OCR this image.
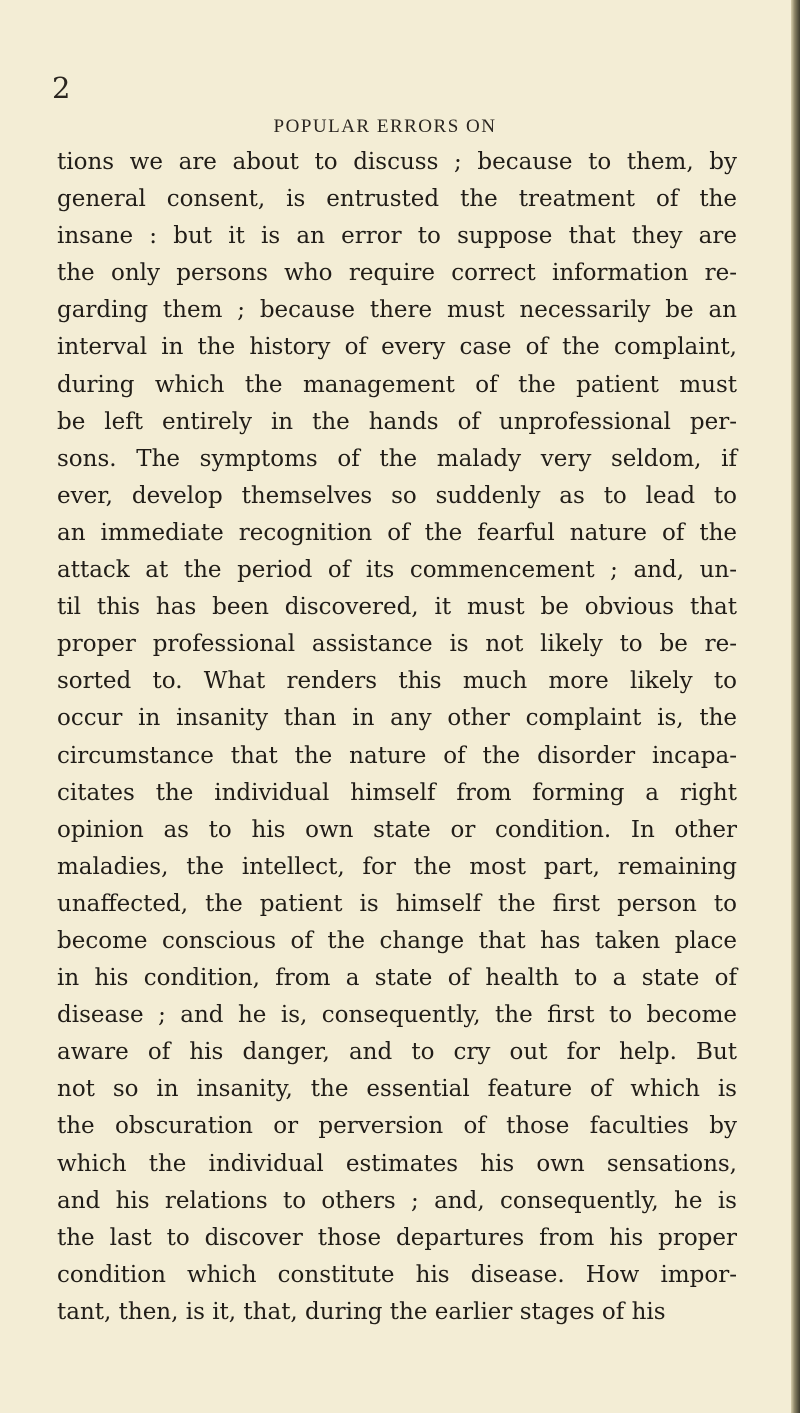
2
POPULAR ERRORS ON
tions we are about to discuss ; because to them, by
general consent, is entrusted the treatment of the
insane : but it is an error to suppose that they are
the only persons who require correct information re-
garding them ; because there must necessarily be an
interval in the history of every case of the complaint,
during which the management of the patient must
be left entirely in the hands of unprofessional per-
sons. The symptoms of the malady very seldom, if
ever, develop themselves so suddenly as to lead to
an immediate recognition of the fearful nature of the
attack at the period of its commencement ; and, un-
til this has been discovered, it must be obvious that
proper professional assistance is not likely to be re-
sorted to. What renders this much more likely to
occur in insanity than in any other complaint is, the
circumstance that the nature of the disorder incapa-
citates the individual himself from forming a right
opinion as to his own state or condition. In other
maladies, the intellect, for the most part, remaining
unaffected, the patient is himself the first person to
become conscious of the change that has taken place
in his condition, from a state of health to a state of
disease ; and he is, consequently, the first to become
aware of his danger, and to cry out for help. But
not so in insanity, the essential feature of which is
the obscuration or perversion of those faculties by
which the individual estimates his own sensations,
and his relations to others ; and, consequently, he is
the last to discover those departures from his proper
condition which constitute his disease. How impor-
tant, then, is it, that, during the earlier stages of his
